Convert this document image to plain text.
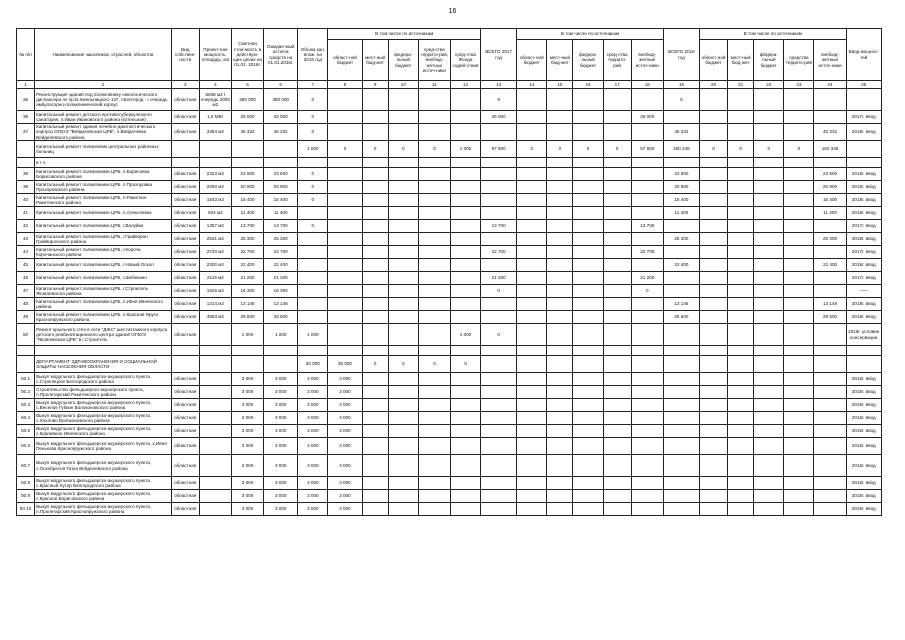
16
№ п/п	Наименование заказчиков, отраслей, объектов	Вид собствен-ности	Проект-ная мощность, площадь, м2	Сметная стои-мость в действую-щих ценах на 01.01. 2016г.	Ожидае-мый остаток средств на 01.01.2016г.	Объем кап. влож. на 2016 год	В том числе по источникам					ВСЕГО 2017 год	В том числе по источникам					ВСЕГО 2018 год	В том числе по источникам					Ввод мощнос-тей
							област-ной бюджет	мест-ный бюд-жет	федера-льный бюджет	сред-ства террито-рий, внебюд-жетных источ-ники	сред-ства Фонда содей-ствия		област-ной бюджет	мест-ный бюд-жет	федера-льный бюджет	сред-ства террито-рий	внебюд-жетные источ-ники		област-ной бюджет	мест-ный бюд-жет	федера-льный бюджет	средства террито-рий	внебюд-жетные источ-ники	
1	2	3	4	5	6	7	8	9	10	11	12	13	14	15	16	17	18	19	20	21	22	23	24	25
35	Реконструкция зданий под поликлинику онкологического диспансера по пр.Б.Хмельницкого 137, г.Белгород - I очередь амбулаторно-поликлинический корпус	областная	6848 м2 I очередь 2000 м2	380 000	380 000	0						9						0						
36	Капитальный ремонт детского противотуберкулезного санатория, п.Иван Ивановского района (котельная)	областная	1,5 МВт	25 000	25 000	0						25 000					25 000							2017г. ввод
37	Капитальный ремонт здания лечебно-диагностического корпуса ОГБУЗ "Вейделевская ЦРБ", п.Вейделевка Вейделевского района	областная	3364 м2	45 332	45 332	0												45 332					45 332	2018г. ввод
	Капитальный ремонт поликлиник центральных районных больниц					1 000	0	0	0	0	1 000	57 600	0	0	0	0	57 600	160 348	0	0	0	0	160 348	
	в т.ч.																							
38	Капитальный ремонт поликлиники ЦРБ, п.Борисовка Борисовского района	областная	2323 м2	23 600	23 600	0												23 600					23 600	2018г. ввод
39	Капитальный ремонт поликлиники ЦРБ, п.Прохоровка Прохоровского района	областная	2050 м2	20 900	20 900	0												20 900					20 900	2018г. ввод
40	Капитальный ремонт поликлиники ЦРБ, п.Ракитное Ракитянского района	областная	1543 м2	15 400	15 400	0												15 400					15 400	2018г. ввод
41	Капитальный ремонт поликлиники ЦРБ, п.Алексеевка	областная	924 м2	11 400	11 400													11 400					11 400	2018г. ввод
42	Капитальный ремонт поликлиники ЦРБ, г.Валуйки	областная	1387 м2	13 700	13 700	0						13 700					13 700							2017г. ввод
43	Капитальный ремонт поликлиники ЦРБ, г.Грайворон Грайворонского района	областная	2531 м2	25 300	25 300													25 300					25 300	2018г. ввод
44	Капитальный ремонт поликлиники ЦРБ, г.Короча Корочанского района	областная	2720 м2	22 700	22 700							22 700					22 700							2017г. ввод
45	Капитальный ремонт поликлиники ЦРБ, г.Новый Оскол	областная	2300 м2	22 400	22 400													22 400					22 400	2018г. ввод
46	Капитальный ремонт поликлиники ЦРБ, г.Шебекино	областная	2119 м2	21 200	21 200							21 200					21 200							2017г. ввод
47	Капитальный ремонт поликлиники ЦРБ, г.Строитель Яковлевского района	областная	1625 м2	16 300	16 300							0					0							——
48	Капитальный ремонт поликлиники ЦРБ, п.Ивня Ивнянского района	областная	1314 м2	13 148	13 148													13 148					13 148	2018г. ввод
49	Капитальный ремонт поликлиники ЦРБ, п.Красная Яруга Краснояружского района	областная	4863 м2	28 600	28 600													28 600					28 600	2018г. ввод
50	Ремонт крыльного стен в сети "ДЖС" шестиэтажного корпуса детского реабилитационного центра здания ОГБУЗ "Яковлевская ЦРБ" в г.Строитель	областная		1 000	1 000	1 000					1 000	0												2016г. условие консервации

	ДЕПАРТАМЕНТ ЗДРАВООХРАНЕНИЯ И СОЦИАЛЬНОЙ ЗАЩИТЫ НАСЕЛЕНИЯ ОБЛАСТИ					30 000	30 000	0	0	0	0													
50.1	Выкуп модульного фельдшерско-акушерского пункта, с.Стрелецкое Белгородского района	областная		3 000	3 000	3 000	3 000																	2016г. ввод
50.2	Строительство фельдшерско-акушерского пункта, п.Пролетарский Ракитянского района	областная		3 000	3 000	3 000	3 000																	2016г. ввод
50.3	Выкуп модульного фельдшерско-акушерского пункта, с.Веселое Губкин Волоконовского района	областная		3 000	3 000	3 000	3 000																	2016г. ввод
50.4	Выкуп модульного фельдшерско-акушерского пункта, с.Хохлово Волоконовского района	областная		3 000	3 000	3 000	3 000																	2016г. ввод
50.5	Выкуп модульного фельдшерско-акушерского пункта, с.Крапивное Ивнянского района	областная		3 000	3 000	3 000	3 000																	2016г. ввод
50.6	Выкуп модульного фельдшерско-акушерского пункта, х.Ивня Пенькова Краснояружского района	областная		3 000	3 000	3 000	3 000																	2016г. ввод
50.7	Выкуп модульного фельдшерско-акушерского пункта, с.Оскобресня Гатка Вейделевского района	областная		3 000	3 000	3 000	3 000																	2016г. ввод
50.8	Выкуп модульного фельдшерско-акушерского пункта, с.Красный Хутор Белгородского района	областная		3 000	3 000	3 000	3 000																	2016г. ввод
50.9	Выкуп модульного фельдшерско-акушерского пункта, с.Красное Борисовского района	областная		3 000	3 000	3 000	3 000																	2016г. ввод
50.10	Выкуп модульного фельдшерско-акушерского пункта, п.Пролетарский Краснояружского района	областная		3 000	3 000	3 000	3 000																	2016г. ввод
